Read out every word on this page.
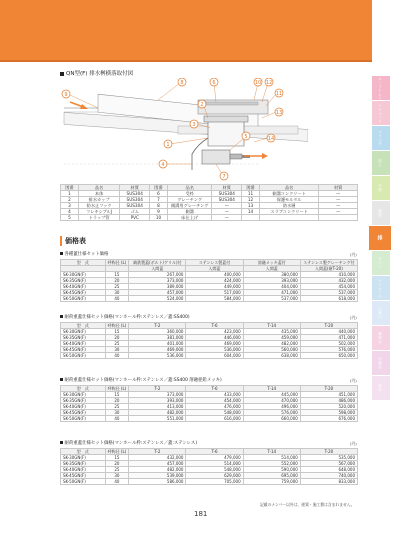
QN型(F) 排水桝横落取付図
9
8	6	10 12
11
13
2
3
5	14
1
4
7
図番	品名	材質	図番	品名	材質	図番	品名	材質
1	本体	SUS304	6	受枠	SUS304	11	側溝コンクリート	—
2	排水カップ	SUS304	7	グレーチング	SUS304	12	保護モルタル	—
3	防水止フック	SUS304	8	側溝用グレーチング	—	13	防水層	—
4	フレキシブルJ	ゴム	9	側溝	—	14	スラブコンクリート	—
5	トラップ管	PVC	10	床仕上げ	—			
価格表
各種蓋仕様セット価格	(円)
型　式	呼称径 (L)	鋳鉄製蓋(ボルト/グリル)付	ステンレス製蓋付	溶融メッキ蓋付	ステンレス製グレーチング付
		入間蓋	入間蓋	入間蓋	入間蓋(耐T-20)
SK-30GN(F)	15	267,000	400,000	380,000	410,000
SK-35GN(F)	20	373,000	424,000	393,000	432,000
SK-40GN(F)	25	389,000	449,000	404,000	454,000
SK-45GN(F)	30	457,000	517,000	471,000	537,000
SK-50GN(F)	40	524,000	584,000	537,000	618,000
耐荷重蓋仕様セット価格(マンホール枠:ステンレス／蓋:SS400)	(円)
型　式	呼称径 (L)	T-2	T-6	T-14	T-20
SK-30GN(F)	15	360,000	423,000	435,000	440,000
SK-35GN(F)	20	381,000	446,000	459,000	471,000
SK-40GN(F)	25	401,000	469,000	482,000	502,000
SK-45GN(F)	30	469,000	536,000	560,000	576,000
SK-50GN(F)	40	536,000	604,000	638,000	650,000
耐荷重蓋仕様セット価格(マンホール枠:ステンレス／蓋:SS400 溶融亜鉛メッキ)	(円)
型　式	呼称径 (L)	T-2	T-6	T-14	T-20
SK-30GN(F)	15	373,000	433,000	445,000	451,000
SK-35GN(F)	20	393,000	454,000	470,000	486,000
SK-40GN(F)	25	413,000	476,000	496,000	520,000
SK-45GN(F)	30	482,000	548,000	576,000	598,000
SK-50GN(F)	40	551,000	616,000	660,000	676,000
耐荷重蓋仕様セット価格(マンホール枠:ステンレス／蓋:ステンレス)	(円)
型　式	呼称径 (L)	T-2	T-6	T-14	T-20
SK-30GN(F)	15	432,000	479,000	514,000	535,000
SK-35GN(F)	20	457,000	514,000	552,000	567,000
SK-40GN(F)	25	482,000	548,000	590,000	648,000
SK-45GN(F)	30	539,000	629,000	695,000	740,000
SK-50GN(F)	40	586,000	705,000	759,000	833,000
記載のナンバー以外は、運賃・施工費は含まれません。
181
ルーフドレン
パラペット
ベランダ
屋上
中間
鋼製
排
ダクト
マンホール
点検口
雑排水
付属品
資料
